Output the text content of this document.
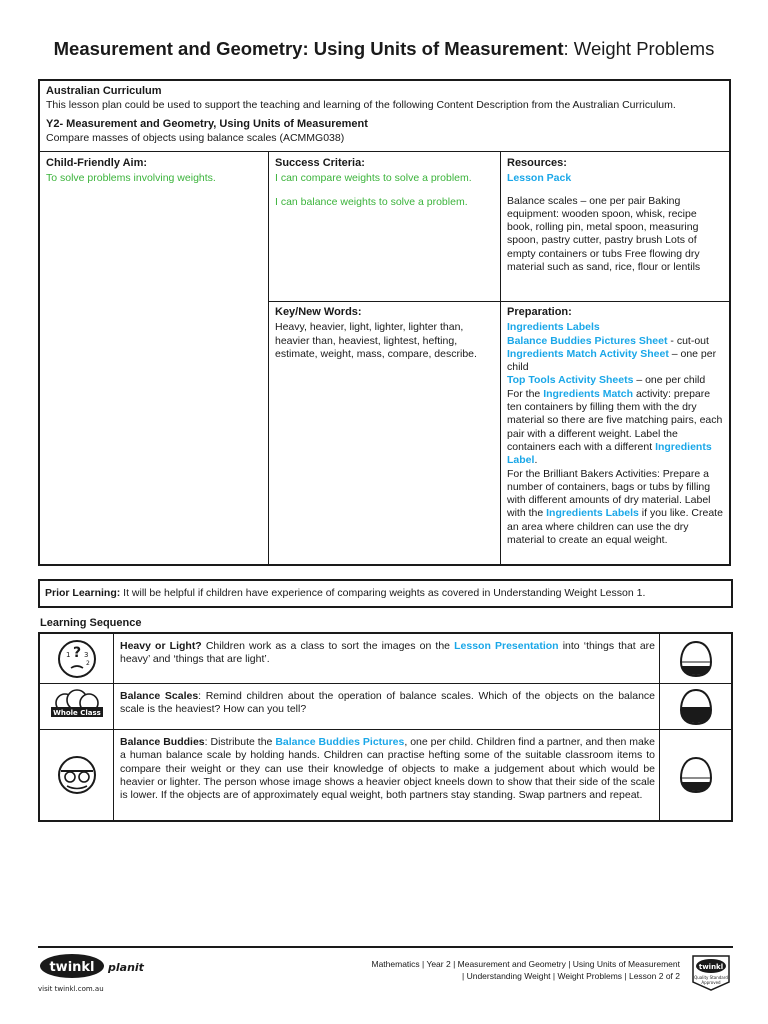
Measurement and Geometry: Using Units of Measurement: Weight Problems
Australian Curriculum
This lesson plan could be used to support the teaching and learning of the following Content Description from the Australian Curriculum.
Y2- Measurement and Geometry, Using Units of Measurement
Compare masses of objects using balance scales (ACMMG038)
Child-Friendly Aim:
To solve problems involving weights.
Success Criteria:
I can compare weights to solve a problem.
I can balance weights to solve a problem.
Resources:
Lesson Pack
Balance scales – one per pair Baking equipment: wooden spoon, whisk, recipe book, rolling pin, metal spoon, measuring spoon, pastry cutter, pastry brush Lots of empty containers or tubs Free flowing dry material such as sand, rice, flour or lentils
Key/New Words:
Heavy, heavier, light, lighter, lighter than, heavier than, heaviest, lightest, hefting, estimate, weight, mass, compare, describe.
Preparation:
Ingredients Labels
Balance Buddies Pictures Sheet - cut-out
Ingredients Match Activity Sheet – one per child
Top Tools Activity Sheets – one per child
For the Ingredients Match activity: prepare ten containers by filling them with the dry material so there are five matching pairs, each pair with a different weight. Label the containers each with a different Ingredients Label.
For the Brilliant Bakers Activities: Prepare a number of containers, bags or tubs by filling with different amounts of dry material. Label with the Ingredients Labels if you like. Create an area where children can use the dry material to create an equal weight.
Prior Learning: It will be helpful if children have experience of comparing weights as covered in Understanding Weight Lesson 1.
Learning Sequence
?
1 3
2
Heavy or Light? Children work as a class to sort the images on the Lesson Presentation into ‘things that are heavy’ and ‘things that are light’.
Whole Class
Balance Scales: Remind children about the operation of balance scales. Which of the objects on the balance scale is the heaviest? How can you tell?
Balance Buddies: Distribute the Balance Buddies Pictures, one per child. Children find a partner, and then make a human balance scale by holding hands. Children can practise hefting some of the suitable classroom items to compare their weight or they can use their knowledge of objects to make a judgement about which would be heavier or lighter. The person whose image shows a heavier object kneels down to show that their side of the scale is lower. If the objects are of approximately equal weight, both partners stay standing. Swap partners and repeat.
twinkl planit
visit twinkl.com.au
Mathematics | Year 2 | Measurement and Geometry | Using Units of Measurement
| Understanding Weight | Weight Problems | Lesson 2 of 2
twinkl
Quality Standard
Approved
